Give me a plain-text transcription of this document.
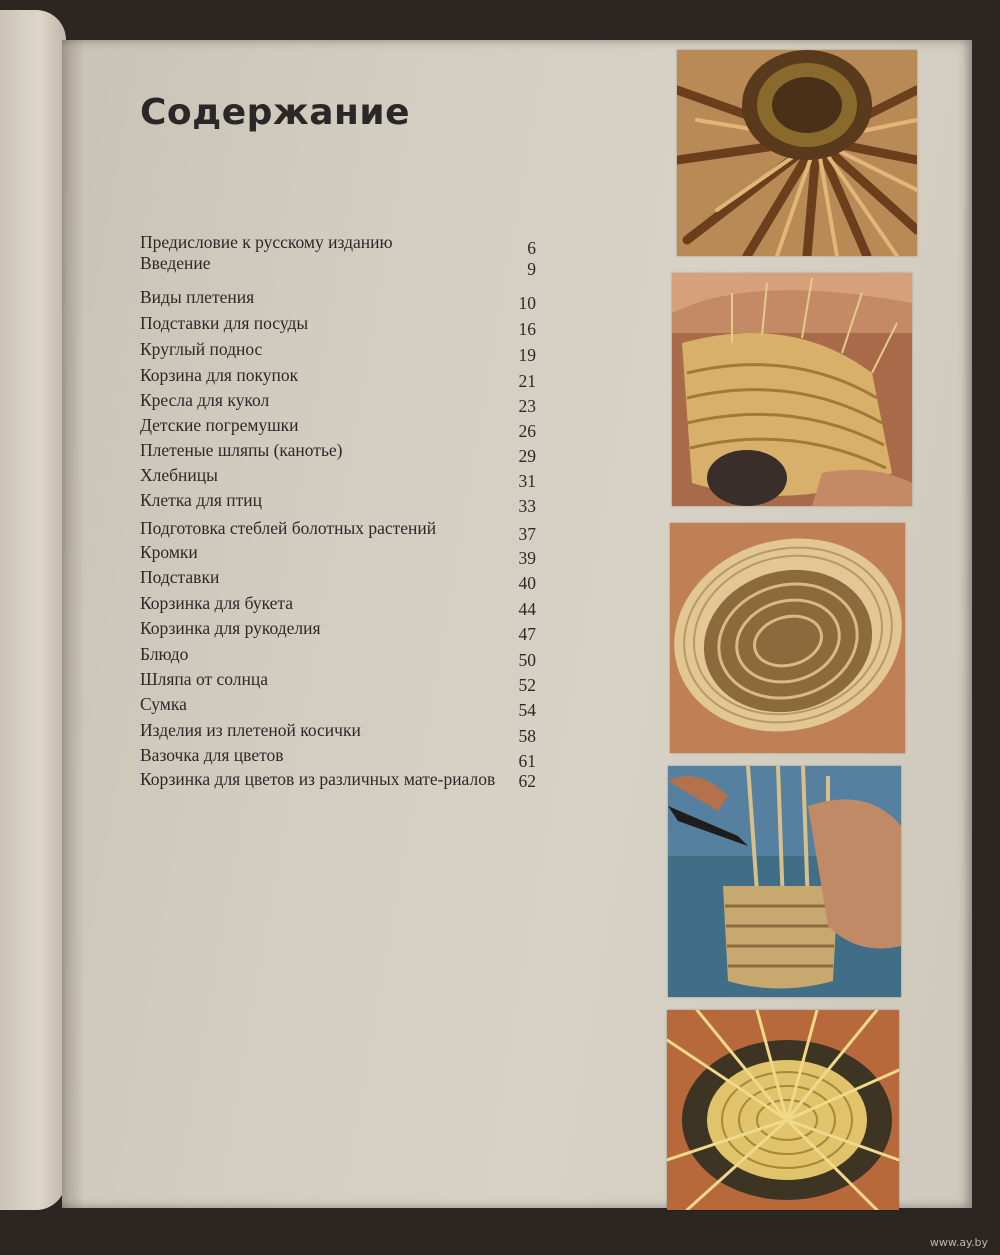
Содержание
Предисловие к русскому изданию	6
Введение	9
Виды плетения	10
Подставки для посуды	16
Круглый поднос	19
Корзина для покупок	21
Кресла для кукол	23
Детские погремушки	26
Плетеные шляпы (канотье)	29
Хлебницы	31
Клетка для птиц	33
Подготовка стеблей болотных растений	37
Кромки	39
Подставки	40
Корзинка для букета	44
Корзинка для рукоделия	47
Блюдо	50
Шляпа от солнца	52
Сумка	54
Изделия из плетеной косички	58
Вазочка для цветов	61
Корзинка для цветов из различных мате-риалов 62
www.ay.by
